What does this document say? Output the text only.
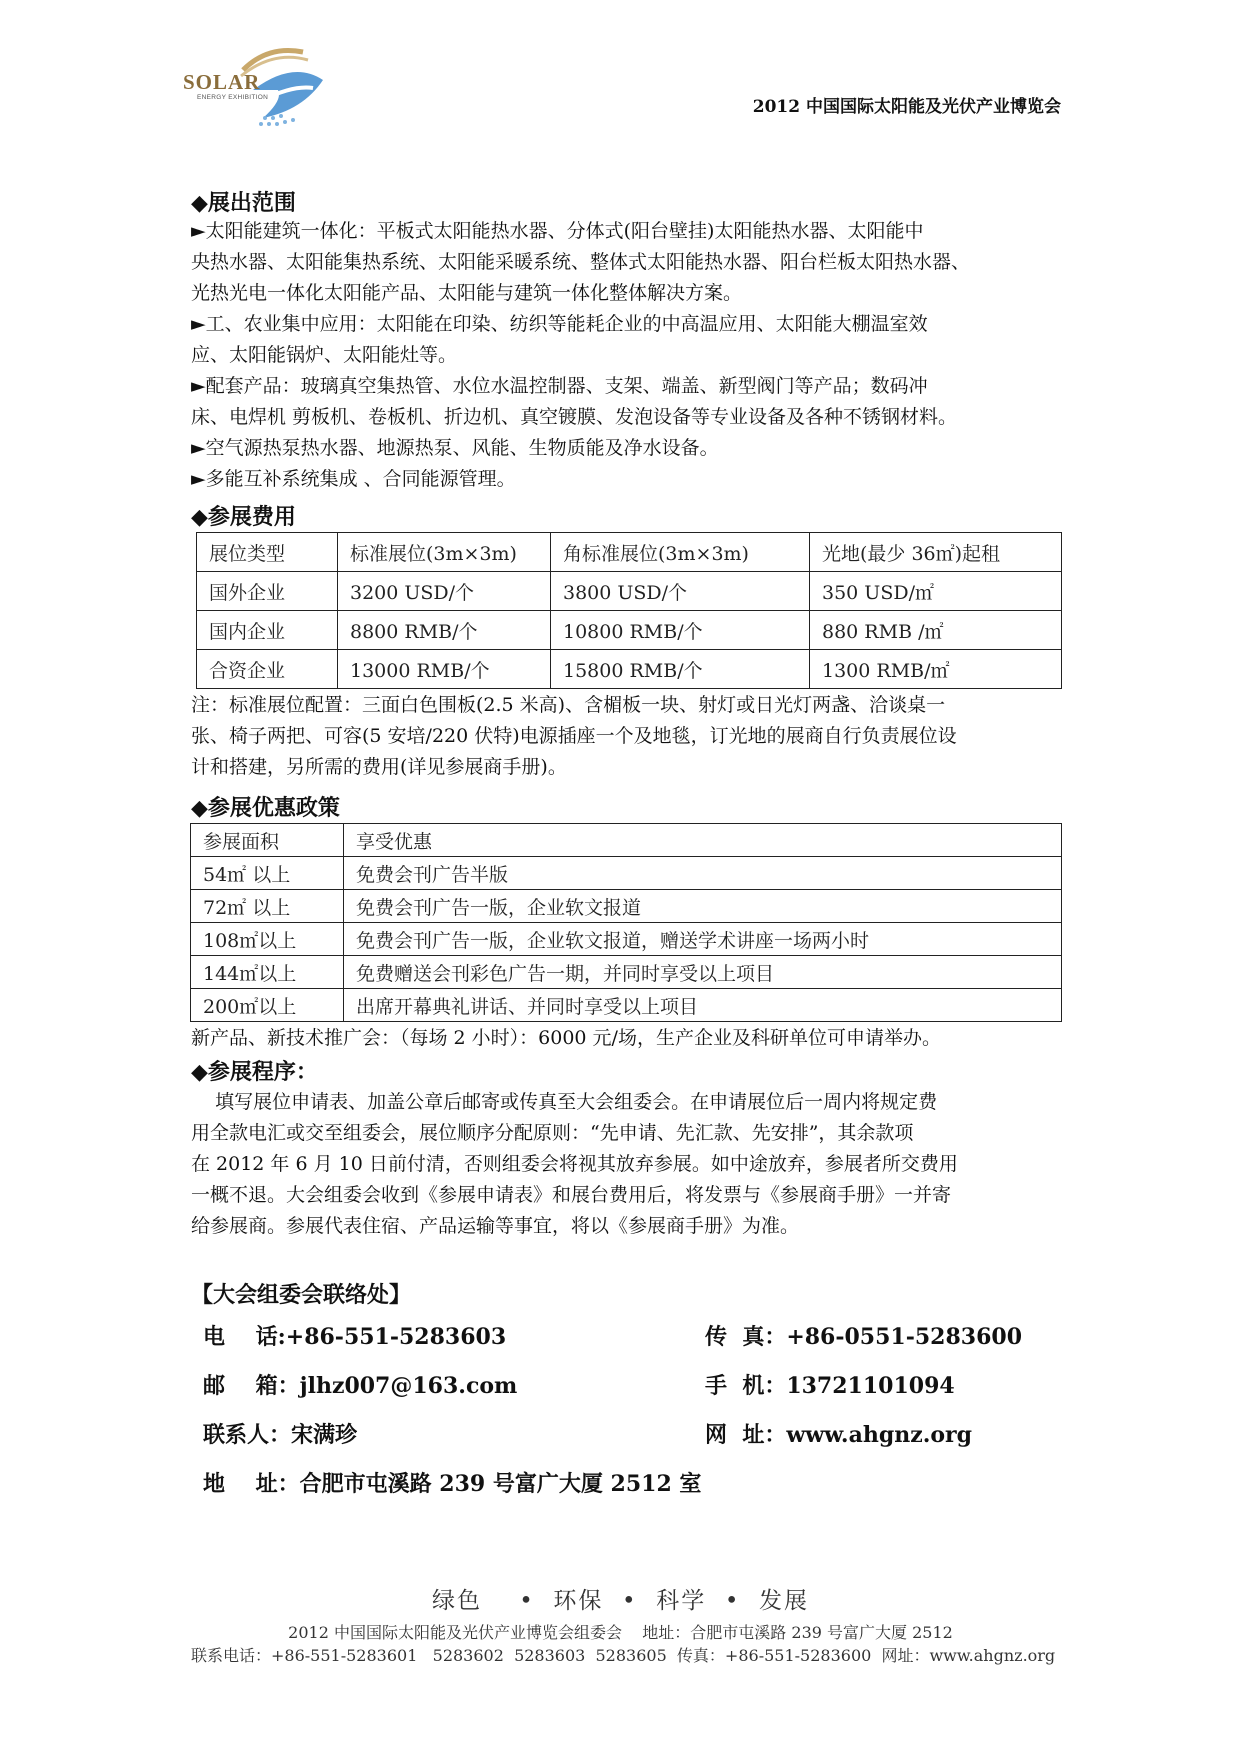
SOLAR
ENERGY EXHIBITION	2012 中国国际太阳能及光伏产业博览会
◆展出范围
►太阳能建筑一体化：平板式太阳能热水器、分体式(阳台壁挂)太阳能热水器、太阳能中
央热水器、太阳能集热系统、太阳能采暖系统、整体式太阳能热水器、阳台栏板太阳热水器、
光热光电一体化太阳能产品、太阳能与建筑一体化整体解决方案。
►工、农业集中应用：太阳能在印染、纺织等能耗企业的中高温应用、太阳能大棚温室效
应、太阳能锅炉、太阳能灶等。
►配套产品：玻璃真空集热管、水位水温控制器、支架、端盖、新型阀门等产品；数码冲
床、电焊机 剪板机、卷板机、折边机、真空镀膜、发泡设备等专业设备及各种不锈钢材料。
►空气源热泵热水器、地源热泵、风能、生物质能及净水设备。
►多能互补系统集成 、合同能源管理。
◆参展费用
展位类型	标准展位(3m×3m)	角标准展位(3m×3m)	光地(最少 36㎡)起租
国外企业	3200 USD/个	3800 USD/个	350 USD/㎡
国内企业	8800 RMB/个	10800 RMB/个	880 RMB /㎡
合资企业	13000 RMB/个	15800 RMB/个	1300 RMB/㎡
注：标准展位配置：三面白色围板(2.5 米高)、含楣板一块、射灯或日光灯两盏、洽谈桌一
张、椅子两把、可容(5 安培/220 伏特)电源插座一个及地毯，订光地的展商自行负责展位设
计和搭建，另所需的费用(详见参展商手册)。
◆参展优惠政策
参展面积	享受优惠
54㎡ 以上	免费会刊广告半版
72㎡ 以上	免费会刊广告一版，企业软文报道
108㎡以上	免费会刊广告一版，企业软文报道，赠送学术讲座一场两小时
144㎡以上	免费赠送会刊彩色广告一期，并同时享受以上项目
200㎡以上	出席开幕典礼讲话、并同时享受以上项目
新产品、新技术推广会：（每场 2 小时）：6000 元/场，生产企业及科研单位可申请举办。
◆参展程序：
填写展位申请表、加盖公章后邮寄或传真至大会组委会。在申请展位后一周内将规定费
用全款电汇或交至组委会，展位顺序分配原则：“先申请、先汇款、先安排”，其余款项
在 2012 年 6 月 10 日前付清，否则组委会将视其放弃参展。如中途放弃，参展者所交费用
一概不退。大会组委会收到《参展申请表》和展台费用后，将发票与《参展商手册》一并寄
给参展商。参展代表住宿、产品运输等事宜，将以《参展商手册》为准。
【大会组委会联络处】
电    话:+86-551-5283603	传  真：+86-0551-5283600
邮    箱：jlhz007@163.com	手  机：13721101094
联系人：宋满珍	网  址：www.ahgnz.org
地    址：合肥市屯溪路 239 号富广大厦 2512 室
绿色    •  环保  •  科学  •  发展
2012 中国国际太阳能及光伏产业博览会组委会    地址：合肥市屯溪路 239 号富广大厦 2512
联系电话：+86-551-5283601   5283602  5283603  5283605  传真：+86-551-5283600  网址：www.ahgnz.org
